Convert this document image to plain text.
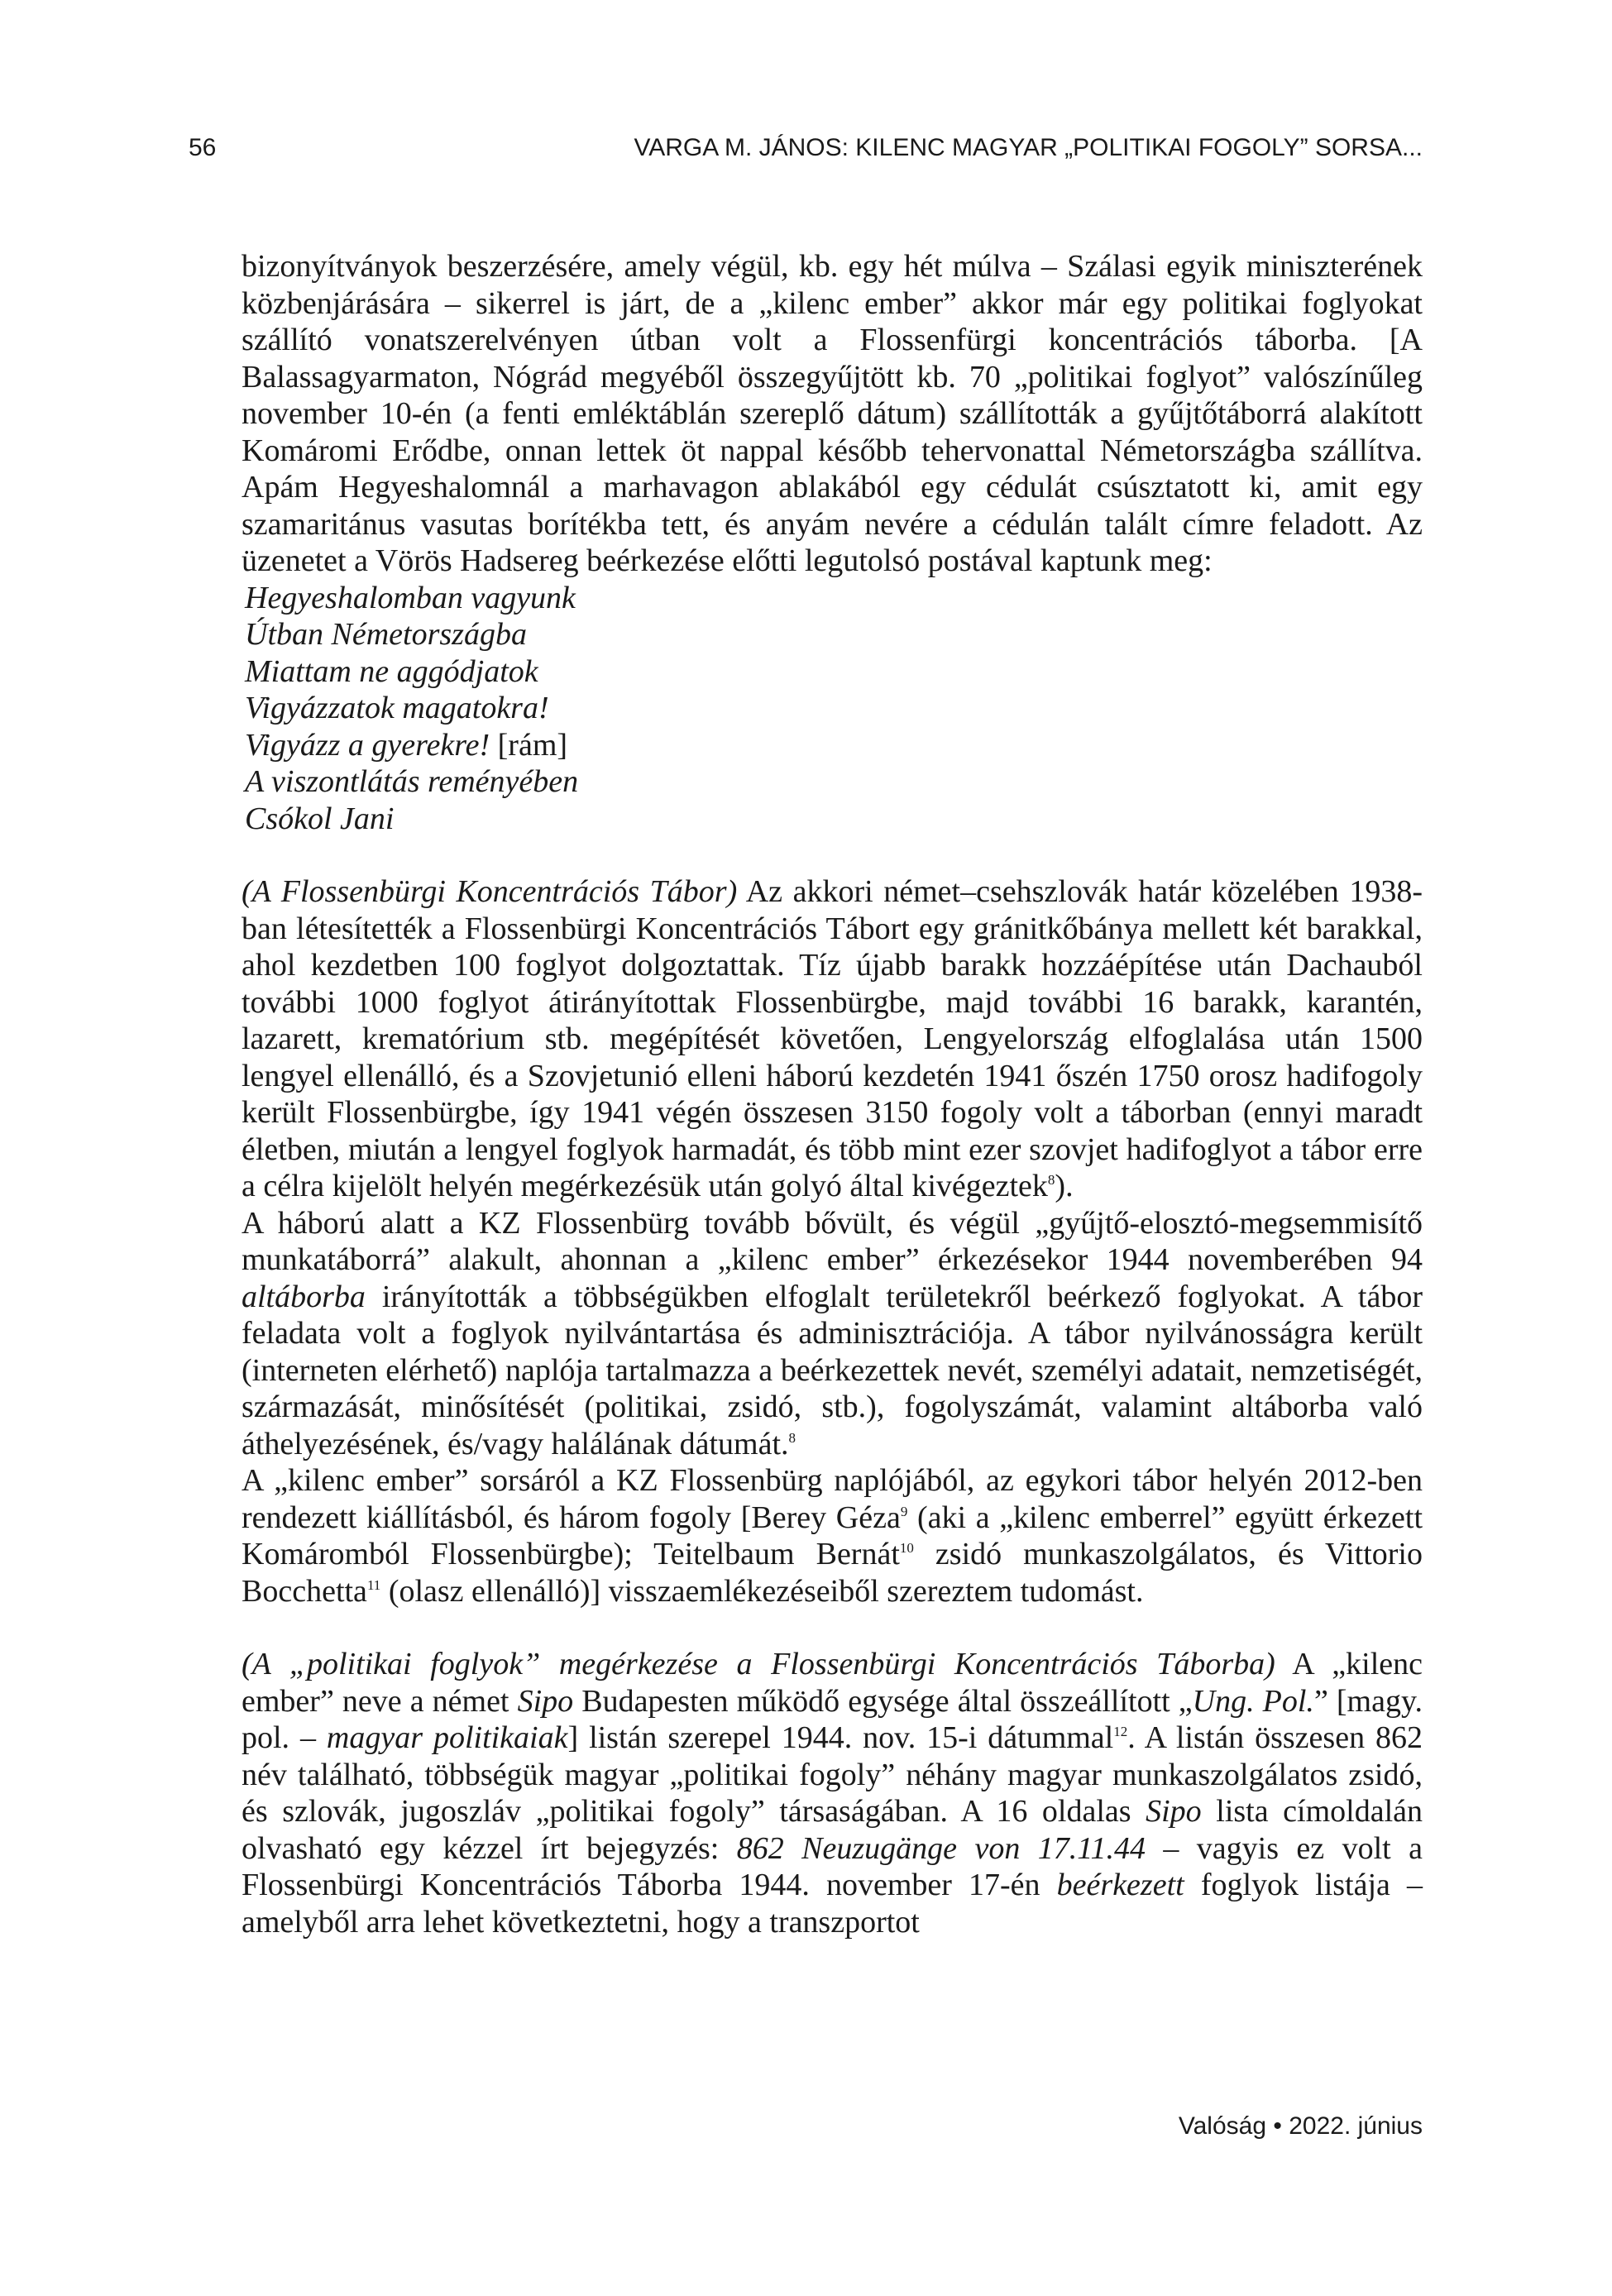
56	VARGA M. JÁNOS: KILENC MAGYAR „POLITIKAI FOGOLY” SORSA...

bizonyítványok beszerzésére, amely végül, kb. egy hét múlva – Szálasi egyik miniszterének közbenjárására – sikerrel is járt, de a „kilenc ember” akkor már egy politikai foglyokat szállító vonatszerelvényen útban volt a Flossenfürgi koncentrációs táborba. [A Balassagyarmaton, Nógrád megyéből összegyűjtött kb. 70 „politikai foglyot” valószínűleg november 10-én (a fenti emléktáblán szereplő dátum) szállították a gyűjtőtáborrá alakított Komáromi Erődbe, onnan lettek öt nappal később tehervonattal Németországba szállítva. Apám Hegyeshalomnál a marhavagon ablakából egy cédulát csúsztatott ki, amit egy szamaritánus vasutas borítékba tett, és anyám nevére a cédulán talált címre feladott. Az üzenetet a Vörös Hadsereg beérkezése előtti legutolsó postával kaptunk meg:

Hegyeshalomban vagyunk
Útban Németországba
Miattam ne aggódjatok
Vigyázzatok magatokra!
Vigyázz a gyerekre! [rám]
A viszontlátás reményében
Csókol Jani

(A Flossenbürgi Koncentrációs Tábor) Az akkori német–csehszlovák határ közelében 1938-ban létesítették a Flossenbürgi Koncentrációs Tábort egy gránitkőbánya mellett két barakkal, ahol kezdetben 100 foglyot dolgoztattak. Tíz újabb barakk hozzáépítése után Dachauból további 1000 foglyot átirányítottak Flossenbürgbe, majd további 16 barakk, karantén, lazarett, krematórium stb. megépítését követően, Lengyelország elfoglalása után 1500 lengyel ellenálló, és a Szovjetunió elleni háború kezdetén 1941 őszén 1750 orosz hadifogoly került Flossenbürgbe, így 1941 végén összesen 3150 fogoly volt a táborban (ennyi maradt életben, miután a lengyel foglyok harmadát, és több mint ezer szovjet hadifoglyot a tábor erre a célra kijelölt helyén megérkezésük után golyó által kivégeztek$^8$).

A háború alatt a KZ Flossenbürg tovább bővült, és végül „gyűjtő-elosztó-megsemmisítő munkatáborrá” alakult, ahonnan a „kilenc ember” érkezésekor 1944 novemberében 94 altáborba irányították a többségükben elfoglalt területekről beérkező foglyokat. A tábor feladata volt a foglyok nyilvántartása és adminisztrációja. A tábor nyilvánosságra került (interneten elérhető) naplója tartalmazza a beérkezettek nevét, személyi adatait, nemzetiségét, származását, minősítését (politikai, zsidó, stb.), fogolyszámát, valamint altáborba való áthelyezésének, és/vagy halálának dátumát.$^8$

A „kilenc ember” sorsáról a KZ Flossenbürg naplójából, az egykori tábor helyén 2012-ben rendezett kiállításból, és három fogoly [Berey Géza$^9$ (aki a „kilenc emberrel” együtt érkezett Komáromból Flossenbürgbe); Teitelbaum Bernát$^{10}$ zsidó munkaszolgálatos, és Vittorio Bocchetta$^{11}$ (olasz ellenálló)] visszaemlékezéseiből szereztem tudomást.

(A „politikai foglyok” megérkezése a Flossenbürgi Koncentrációs Táborba) A „kilenc ember” neve a német Sipo Budapesten működő egysége által összeállított „Ung. Pol.” [magy. pol. – magyar politikaiak] listán szerepel 1944. nov. 15-i dátummal$^{12}$. A listán összesen 862 név található, többségük magyar „politikai fogoly” néhány magyar munkaszolgálatos zsidó, és szlovák, jugoszláv „politikai fogoly” társaságában. A 16 oldalas Sipo lista címoldalán olvasható egy kézzel írt bejegyzés: 862 Neuzugänge von 17.11.44 – vagyis ez volt a Flossenbürgi Koncentrációs Táborba 1944. november 17-én beérkezett foglyok listája – amelyből arra lehet következtetni, hogy a transzportot

Valóság • 2022. június
